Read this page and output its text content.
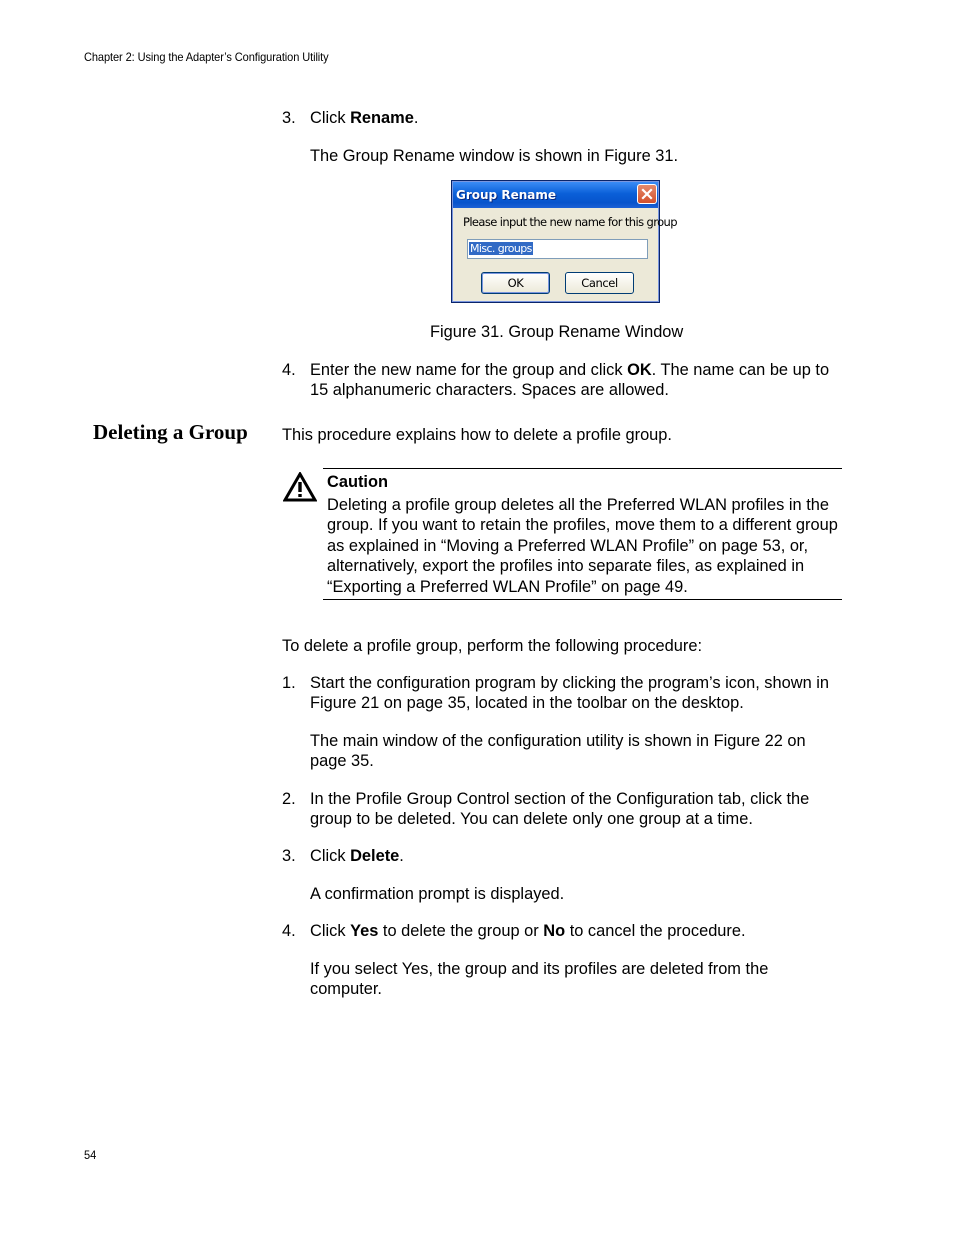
Chapter 2: Using the Adapter’s Configuration Utility
3. Click Rename.
The Group Rename window is shown in Figure 31.
Group Rename
Please input the new name for this group
Misc. groups
OK	Cancel
Figure 31. Group Rename Window
4. Enter the new name for the group and click OK. The name can be up to 15 alphanumeric characters. Spaces are allowed.
Deleting a Group This procedure explains how to delete a profile group.
Caution
Deleting a profile group deletes all the Preferred WLAN profiles in the group. If you want to retain the profiles, move them to a different group as explained in “Moving a Preferred WLAN Profile” on page 53, or, alternatively, export the profiles into separate files, as explained in “Exporting a Preferred WLAN Profile” on page 49.
To delete a profile group, perform the following procedure:
1. Start the configuration program by clicking the program’s icon, shown in Figure 21 on page 35, located in the toolbar on the desktop.
The main window of the configuration utility is shown in Figure 22 on page 35.
2. In the Profile Group Control section of the Configuration tab, click the group to be deleted. You can delete only one group at a time.
3. Click Delete.
A confirmation prompt is displayed.
4. Click Yes to delete the group or No to cancel the procedure.
If you select Yes, the group and its profiles are deleted from the computer.
54
